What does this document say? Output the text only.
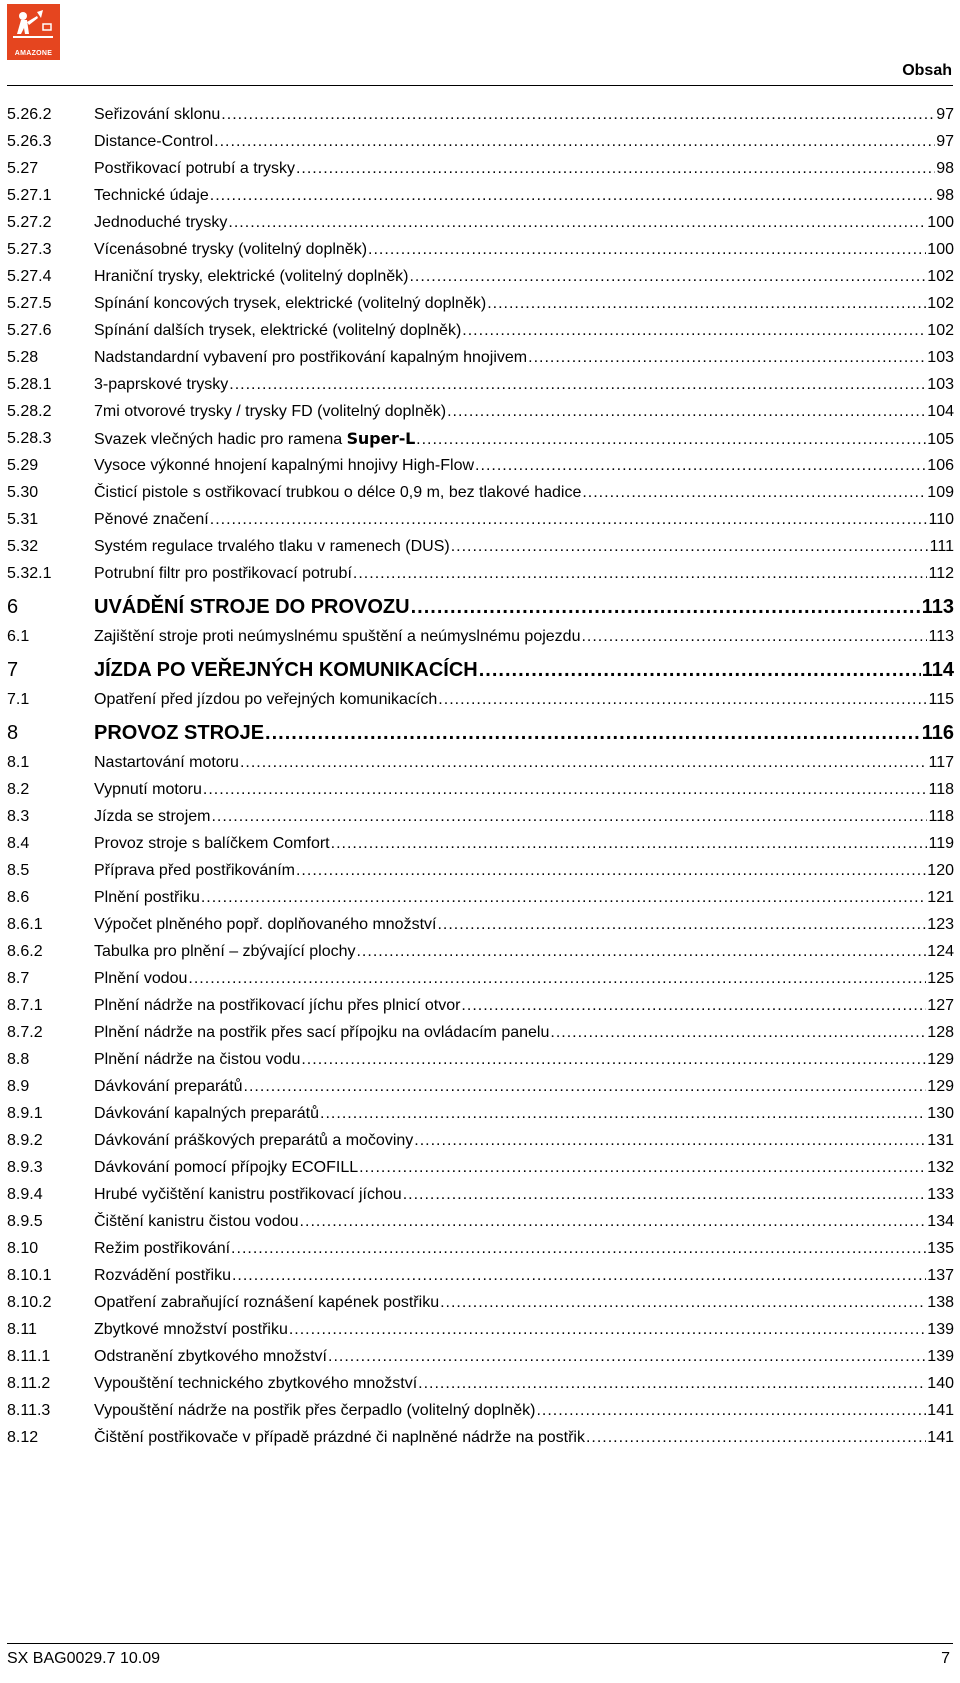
AMAZONE
Obsah
5.26.2	Seřizování sklonu .....	97
5.26.3	Distance-Control .....	97
5.27	Postřikovací potrubí a trysky .....	98
5.27.1	Technické údaje .....	98
5.27.2	Jednoduché trysky .....	100
5.27.3	Vícenásobné trysky (volitelný doplněk) .....	100
5.27.4	Hraniční trysky, elektrické (volitelný doplněk) .....	102
5.27.5	Spínání koncových trysek, elektrické (volitelný doplněk) .....	102
5.27.6	Spínání dalších trysek, elektrické (volitelný doplněk) .....	102
5.28	Nadstandardní vybavení pro postřikování kapalným hnojivem .....	103
5.28.1	3-paprskové trysky .....	103
5.28.2	7mi otvorové trysky / trysky FD (volitelný doplněk) .....	104
5.28.3	Svazek vlečných hadic pro ramena Super-L .....	105
5.29	Vysoce výkonné hnojení kapalnými hnojivy High-Flow .....	106
5.30	Čisticí pistole s ostřikovací trubkou o délce 0,9 m, bez tlakové hadice .....	109
5.31	Pěnové značení .....	110
5.32	Systém regulace trvalého tlaku v ramenech (DUS) .....	111
5.32.1	Potrubní filtr pro postřikovací potrubí .....	112
6	UVÁDĚNÍ STROJE DO PROVOZU .....	113
6.1	Zajištění stroje proti neúmyslnému spuštění a neúmyslnému pojezdu .....	113
7	JÍZDA PO VEŘEJNÝCH KOMUNIKACÍCH .....	114
7.1	Opatření před jízdou po veřejných komunikacích .....	115
8	PROVOZ STROJE .....	116
8.1	Nastartování motoru .....	117
8.2	Vypnutí motoru .....	118
8.3	Jízda se strojem .....	118
8.4	Provoz stroje s balíčkem Comfort .....	119
8.5	Příprava před postřikováním .....	120
8.6	Plnění postřiku .....	121
8.6.1	Výpočet plněného popř. doplňovaného množství .....	123
8.6.2	Tabulka pro plnění – zbývající plochy .....	124
8.7	Plnění vodou .....	125
8.7.1	Plnění nádrže na postřikovací jíchu přes plnicí otvor .....	127
8.7.2	Plnění nádrže na postřik přes sací přípojku na ovládacím panelu .....	128
8.8	Plnění nádrže na čistou vodu .....	129
8.9	Dávkování preparátů .....	129
8.9.1	Dávkování kapalných preparátů .....	130
8.9.2	Dávkování práškových preparátů a močoviny .....	131
8.9.3	Dávkování pomocí přípojky ECOFILL .....	132
8.9.4	Hrubé vyčištění kanistru postřikovací jíchou .....	133
8.9.5	Čištění kanistru čistou vodou .....	134
8.10	Režim postřikování .....	135
8.10.1	Rozvádění postřiku .....	137
8.10.2	Opatření zabraňující roznášení kapének postřiku .....	138
8.11	Zbytkové množství postřiku .....	139
8.11.1	Odstranění zbytkového množství .....	139
8.11.2	Vypouštění technického zbytkového množství .....	140
8.11.3	Vypouštění nádrže na postřik přes čerpadlo (volitelný doplněk) .....	141
8.12	Čištění postřikovače v případě prázdné či naplněné nádrže na postřik .....	141
SX BAG0029.7 10.09	7
